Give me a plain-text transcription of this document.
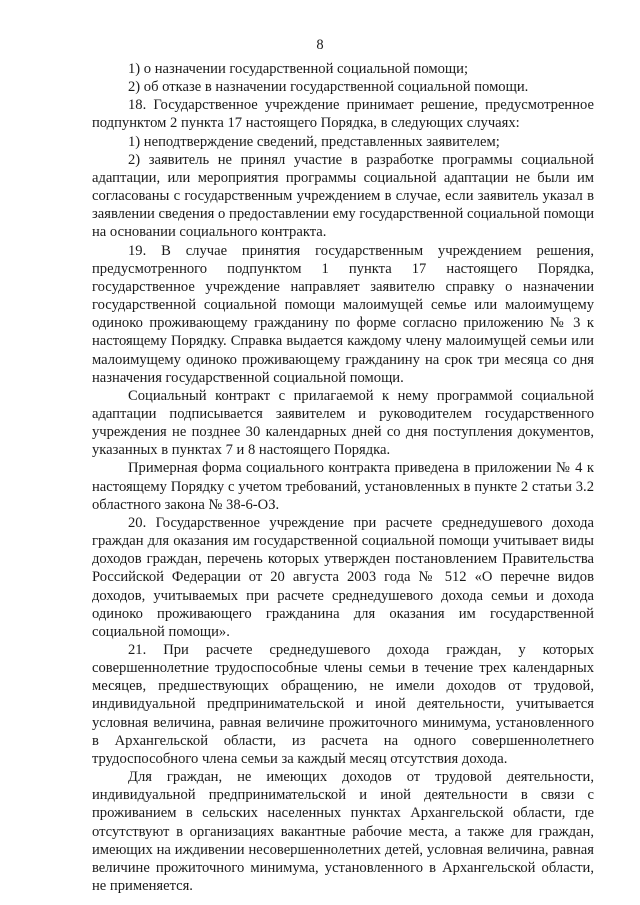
8

1) о назначении государственной социальной помощи;

2) об отказе в назначении государственной социальной помощи.

18. Государственное учреждение принимает решение, предусмотренное подпунктом 2 пункта 17 настоящего Порядка, в следующих случаях:

1) неподтверждение сведений, представленных заявителем;

2) заявитель не принял участие в разработке программы социальной адаптации, или мероприятия программы социальной адаптации не были им согласованы с государственным учреждением в случае, если заявитель указал в заявлении сведения о предоставлении ему государственной социальной помощи на основании социального контракта.

19. В случае принятия государственным учреждением решения, предусмотренного подпунктом 1 пункта 17 настоящего Порядка, государственное учреждение направляет заявителю справку о назначении государственной социальной помощи малоимущей семье или малоимущему одиноко проживающему гражданину по форме согласно приложению № 3 к настоящему Порядку. Справка выдается каждому члену малоимущей семьи или малоимущему одиноко проживающему гражданину на срок три месяца со дня назначения государственной социальной помощи.

Социальный контракт с прилагаемой к нему программой социальной адаптации подписывается заявителем и руководителем государственного учреждения не позднее 30 календарных дней со дня поступления документов, указанных в пунктах 7 и 8 настоящего Порядка.

Примерная форма социального контракта приведена в приложении № 4 к настоящему Порядку с учетом требований, установленных в пункте 2 статьи 3.2 областного закона № 38-6-ОЗ.

20. Государственное учреждение при расчете среднедушевого дохода граждан для оказания им государственной социальной помощи учитывает виды доходов граждан, перечень которых утвержден постановлением Правительства Российской Федерации от 20 августа 2003 года № 512 «О перечне видов доходов, учитываемых при расчете среднедушевого дохода семьи и дохода одиноко проживающего гражданина для оказания им государственной социальной помощи».

21. При расчете среднедушевого дохода граждан, у которых совершеннолетние трудоспособные члены семьи в течение трех календарных месяцев, предшествующих обращению, не имели доходов от трудовой, индивидуальной предпринимательской и иной деятельности, учитывается условная величина, равная величине прожиточного минимума, установленного в Архангельской области, из расчета на одного совершеннолетнего трудоспособного члена семьи за каждый месяц отсутствия дохода.

Для граждан, не имеющих доходов от трудовой деятельности, индивидуальной предпринимательской и иной деятельности в связи с проживанием в сельских населенных пунктах Архангельской области, где отсутствуют в организациях вакантные рабочие места, а также для граждан, имеющих на иждивении несовершеннолетних детей, условная величина, равная величине прожиточного минимума, установленного в Архангельской области, не применяется.
